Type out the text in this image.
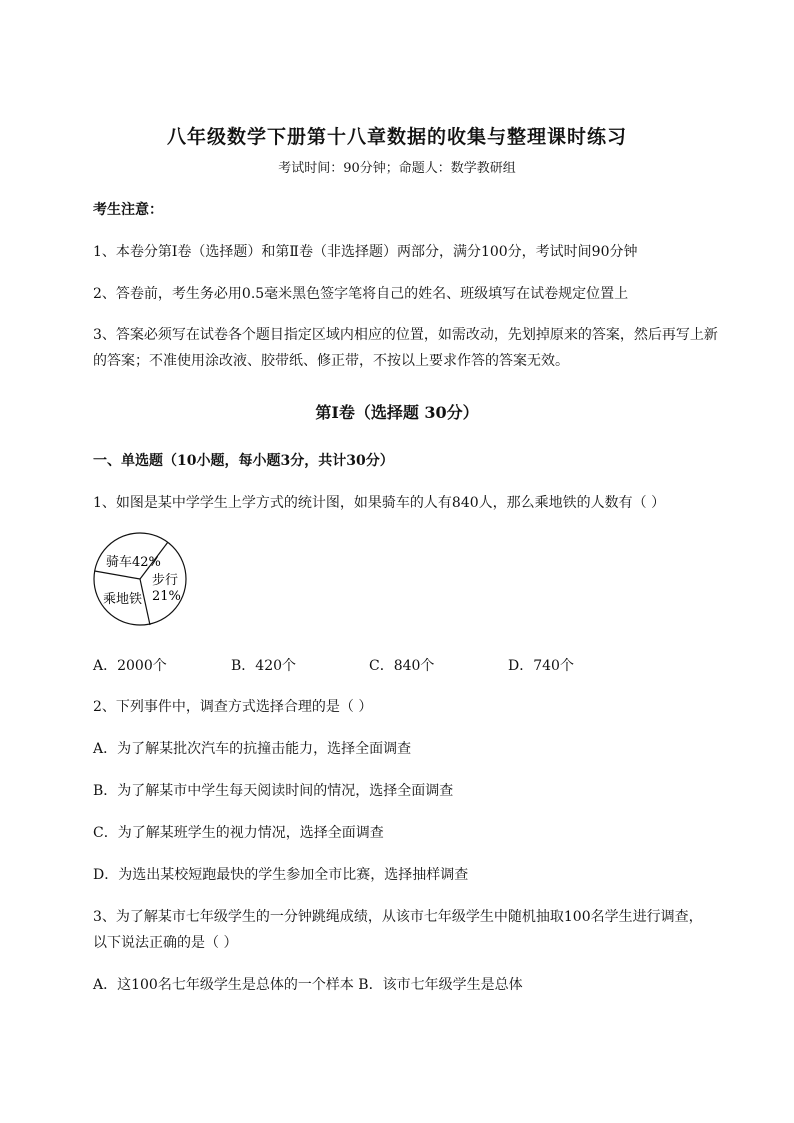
八年级数学下册第十八章数据的收集与整理课时练习
考试时间：90分钟；命题人：数学教研组
考生注意：
1、本卷分第I卷（选择题）和第Ⅱ卷（非选择题）两部分，满分100分，考试时间90分钟
2、答卷前，考生务必用0.5毫米黑色签字笔将自己的姓名、班级填写在试卷规定位置上
3、答案必须写在试卷各个题目指定区域内相应的位置，如需改动，先划掉原来的答案，然后再写上新
的答案；不准使用涂改液、胶带纸、修正带，不按以上要求作答的答案无效。
第I卷（选择题 30分）
一、单选题（10小题，每小题3分，共计30分）
1、如图是某中学学生上学方式的统计图，如果骑车的人有840人，那么乘地铁的人数有（ ）
骑车42%
步行
21%
乘地铁
A．2000个	B．420个	C．840个	D．740个
2、下列事件中，调查方式选择合理的是（ ）
A．为了解某批次汽车的抗撞击能力，选择全面调查
B．为了解某市中学生每天阅读时间的情况，选择全面调查
C．为了解某班学生的视力情况，选择全面调查
D．为选出某校短跑最快的学生参加全市比赛，选择抽样调查
3、为了解某市七年级学生的一分钟跳绳成绩，从该市七年级学生中随机抽取100名学生进行调查，
以下说法正确的是（ ）
A．这100名七年级学生是总体的一个样本 B．该市七年级学生是总体
